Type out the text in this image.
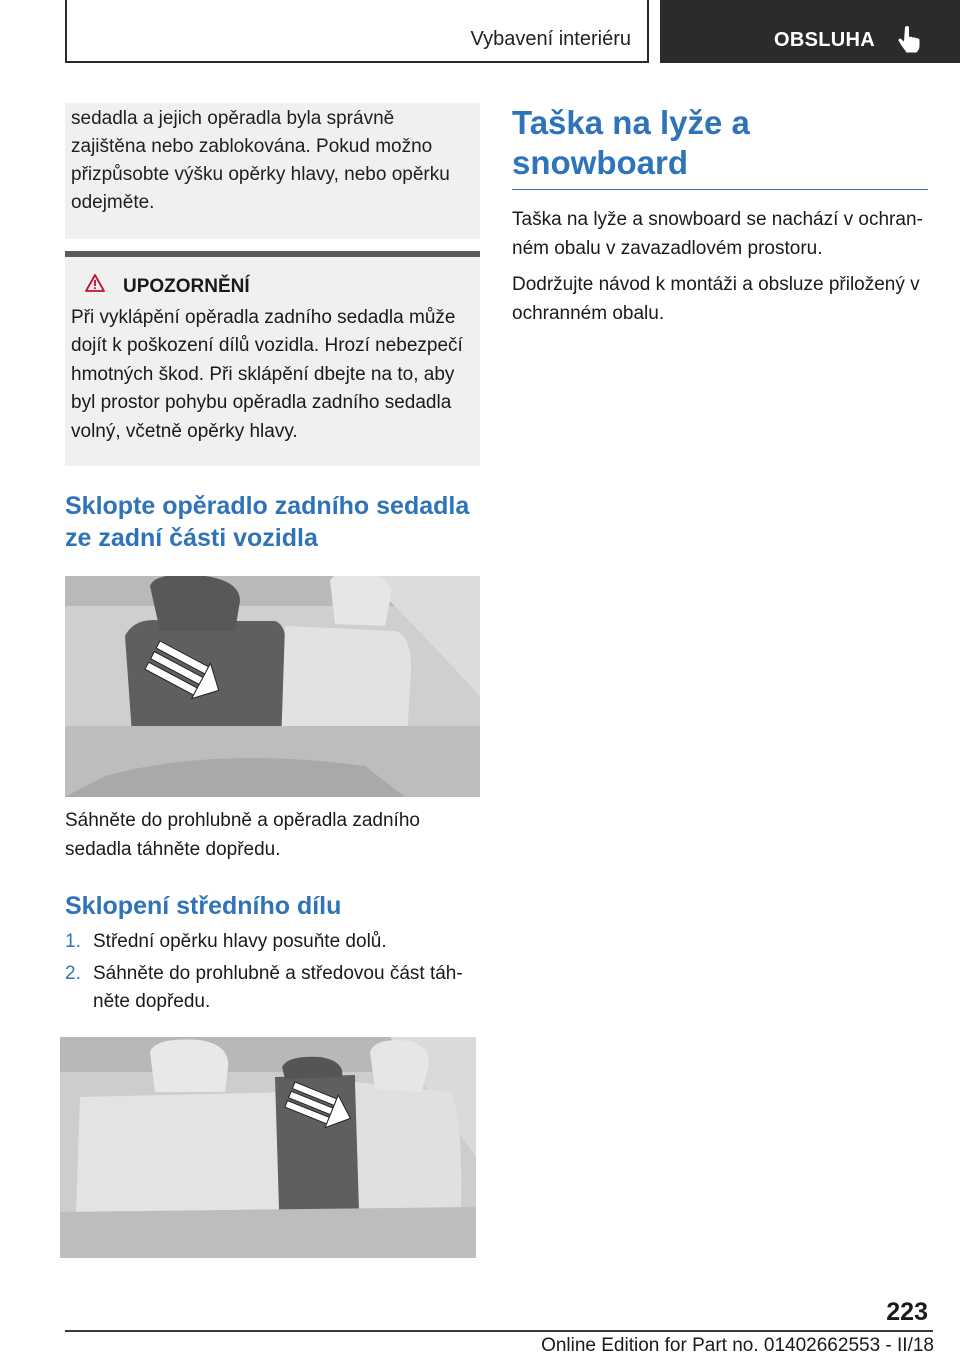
Vybavení interiéru	OBSLUHA
sedadla a jejich opěradla byla správně zajištěna nebo zablokována. Pokud možno přizpůsobte výšku opěrky hlavy, nebo opěrku odejměte.
UPOZORNĚNÍ
Při vyklápění opěradla zadního sedadla může dojít k poškození dílů vozidla. Hrozí nebezpečí hmotných škod. Při sklápění dbejte na to, aby byl prostor pohybu opěradla zadního sedadla volný, včetně opěrky hlavy.
Sklopte opěradlo zadního sedadla ze zadní části vozidla
Sáhněte do prohlubně a opěradla zadního sedadla táhněte dopředu.
Sklopení středního dílu
1. Střední opěrku hlavy posuňte dolů.
2. Sáhněte do prohlubně a středovou část táhněte dopředu.
Taška na lyže a snowboard
Taška na lyže a snowboard se nachází v ochranném obalu v zavazadlovém prostoru.
Dodržujte návod k montáži a obsluze přiložený v ochranném obalu.
223
Online Edition for Part no. 01402662553 - II/18
